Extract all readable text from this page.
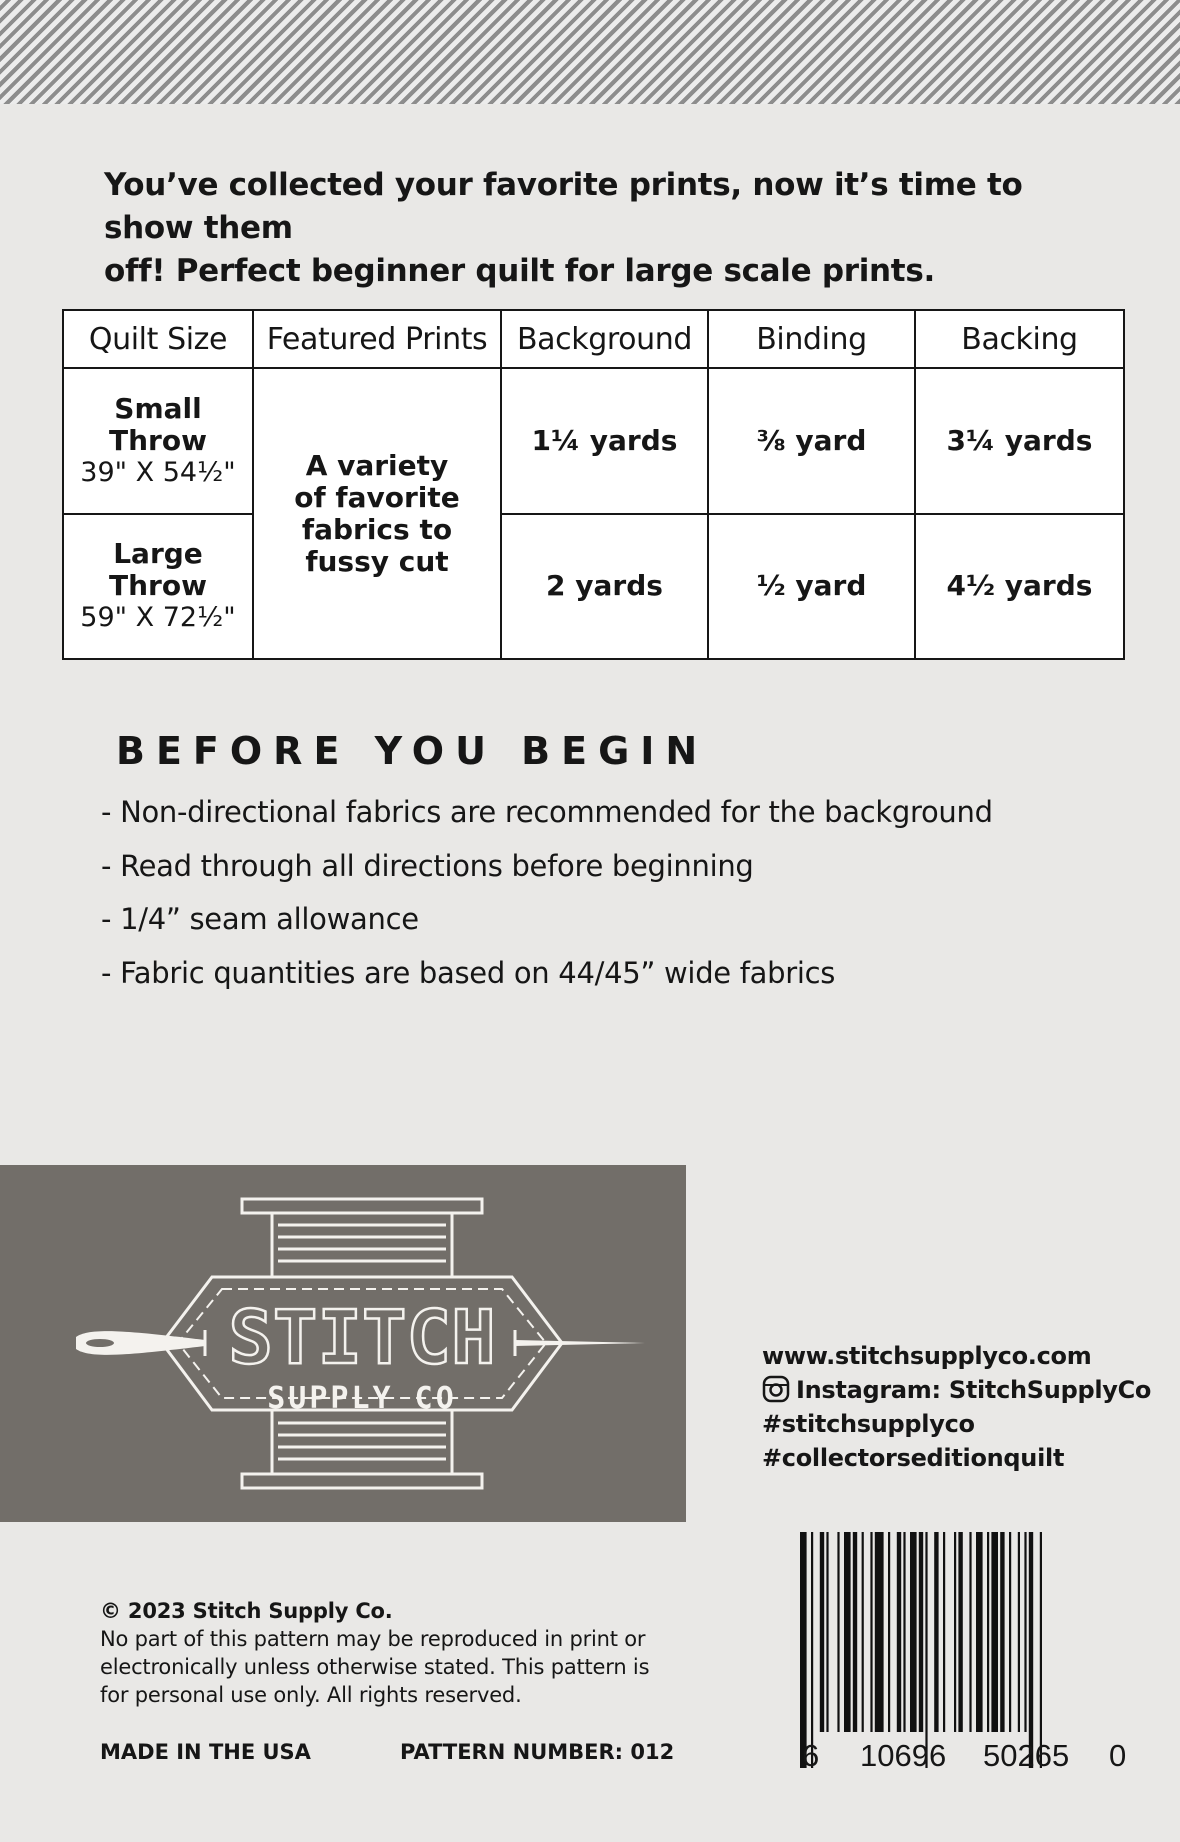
You’ve collected your favorite prints, now it’s time to show them
off! Perfect beginner quilt for large scale prints.
Quilt Size	Featured Prints	Background	Binding	Backing

Small Throw
39" X 54½"	A variety of favorite fabrics to fussy cut	1¼ yards	⅜ yard	3¼ yards

Large Throw
59" X 72½"		2 yards	½ yard	4½ yards
BEFORE YOU BEGIN
- Non-directional fabrics are recommended for the background
- Read through all directions before beginning
- 1/4” seam allowance
- Fabric quantities are based on 44/45” wide fabrics
STITCH
SUPPLY CO
www.stitchsupplyco.com
Instagram: StitchSupplyCo
#stitchsupplyco
#collectorseditionquilt
© 2023 Stitch Supply Co.
No part of this pattern may be reproduced in print or electronically unless otherwise stated. This pattern is for personal use only. All rights reserved.
MADE IN THE USA	PATTERN NUMBER: 012	6 10696 50265 0
